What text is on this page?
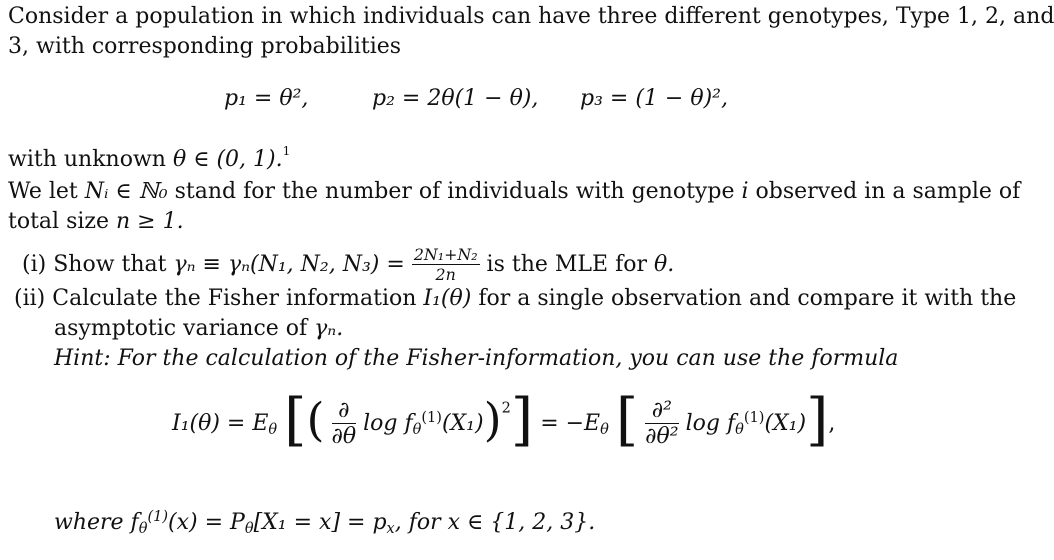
Consider a population in which individuals can have three different genotypes, Type 1, 2, and
3, with corresponding probabilities
p₁ = θ²,	p₂ = 2θ(1 − θ), p₃ = (1 − θ)²,
with unknown θ ∈ (0, 1).$^1$
We let Nᵢ ∈ ℕ₀ stand for the number of individuals with genotype i observed in a sample of
total size n ≥ 1.
(i) Show that γₙ ≡ γₙ(N₁, N₂, $N_3) = \frac{\text{2N₁+N₂}}{2n}$ is the MLE for θ.
(ii) Calculate the Fisher information I₁(θ) for a single observation and compare it with the
asymptotic variance of γₙ.
Hint: For the calculation of the Fisher-information, you can use the formula
$I_1(\theta) = E_\theta$ [( $\frac{\partial}{\partial\theta}$ $\log f_\theta^{(1)}(X_1))^2] = -E_\theta$ [ $\frac{\text{∂²}}{\text{∂θ²}}$ $\log f_\theta^{(1)}(X_1)$],
where $f_\theta^{(1)}(x) = P_\theta[X_1 = x] = p_x$, for x ∈ {1, 2, 3}.
